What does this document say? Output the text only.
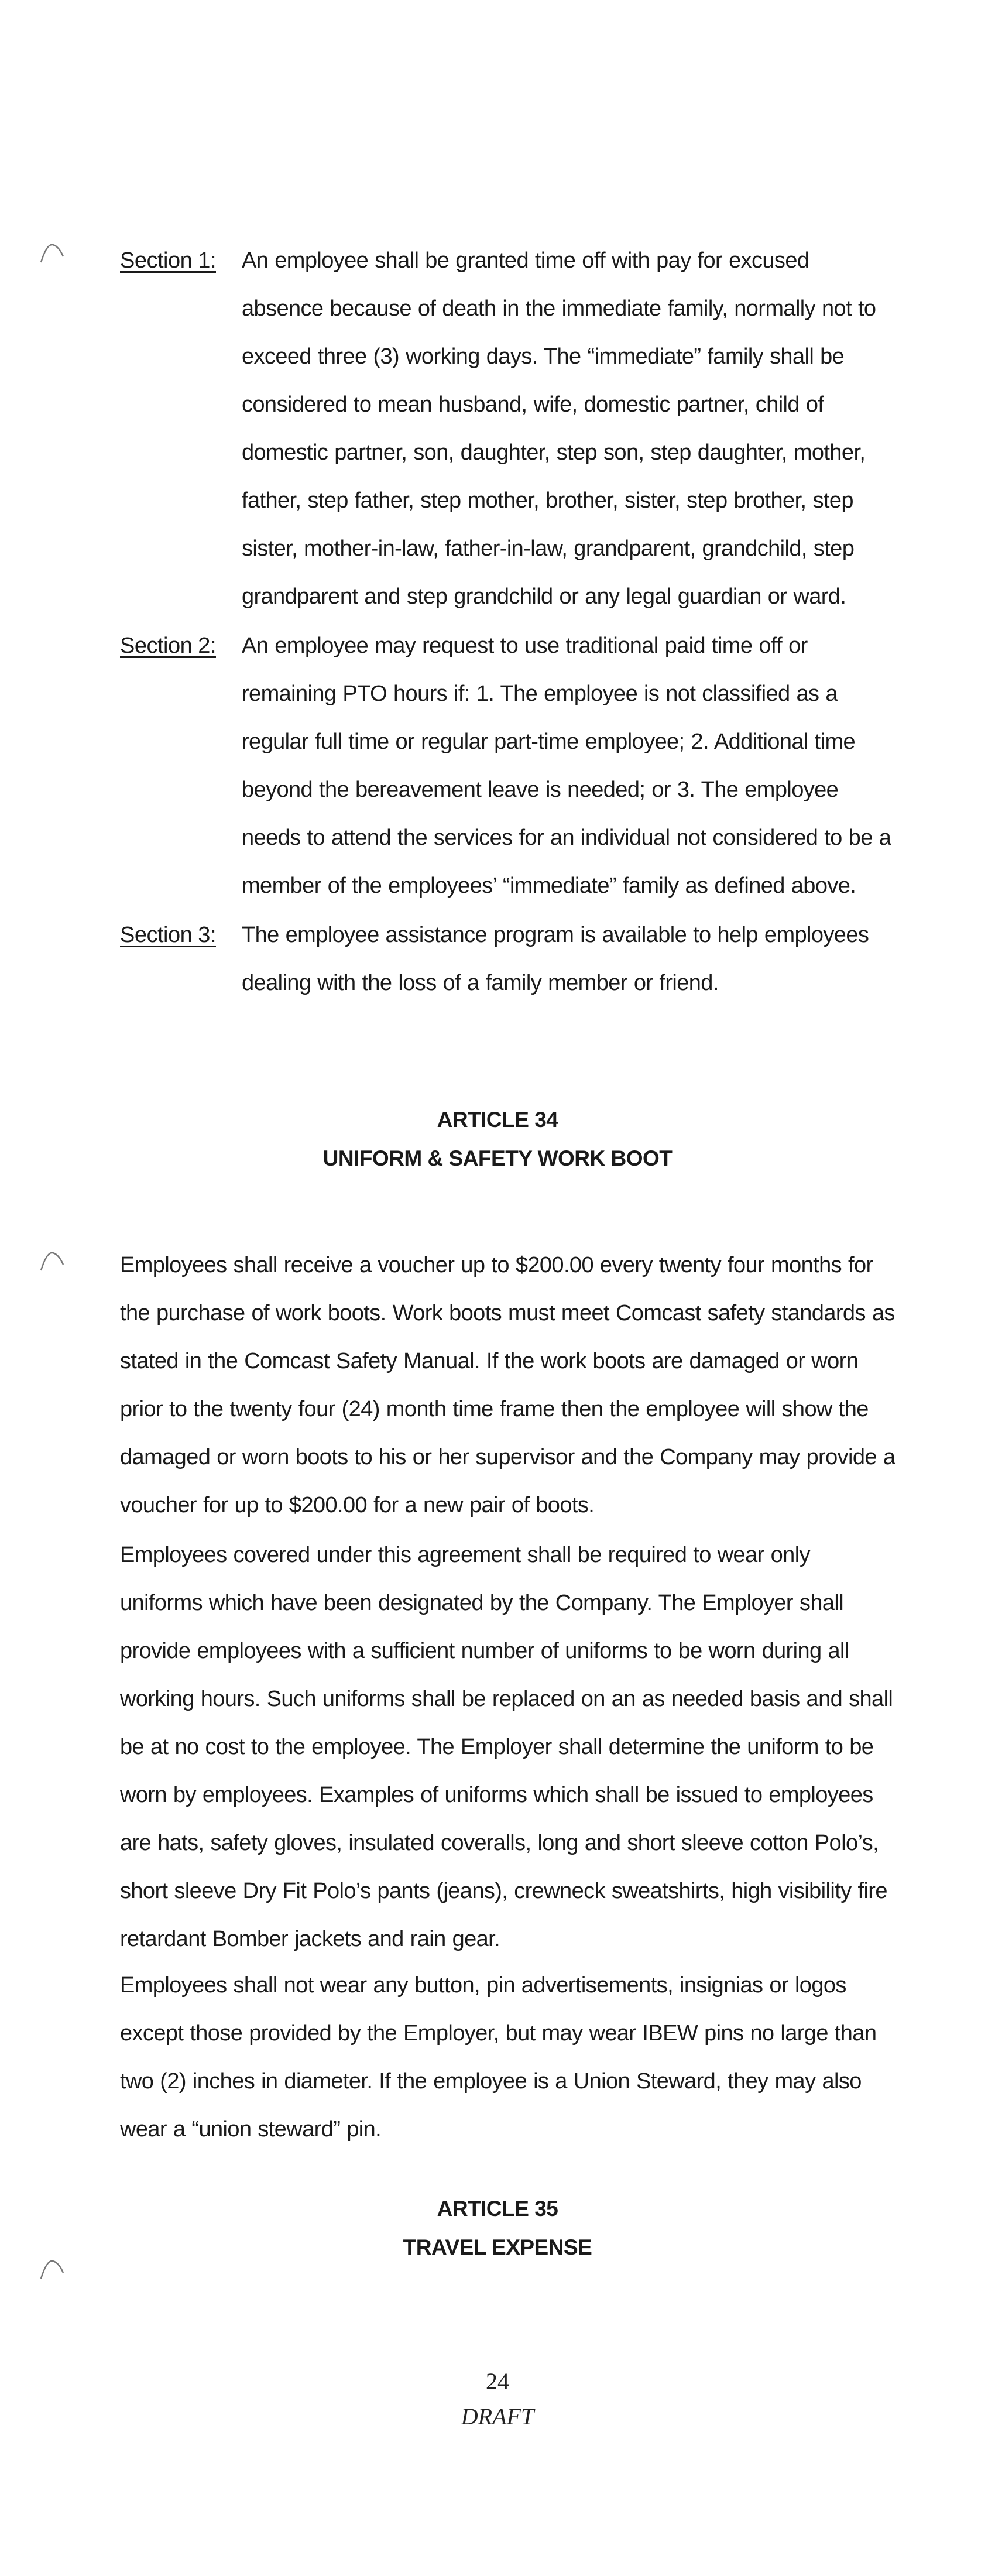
Section 1: An employee shall be granted time off with pay for excused absence because of death in the immediate family, normally not to exceed three (3) working days. The “immediate” family shall be considered to mean husband, wife, domestic partner, child of domestic partner, son, daughter, step son, step daughter, mother, father, step father, step mother, brother, sister, step brother, step sister, mother-in-law, father-in-law, grandparent, grandchild, step grandparent and step grandchild or any legal guardian or ward.
Section 2: An employee may request to use traditional paid time off or remaining PTO hours if: 1. The employee is not classified as a regular full time or regular part-time employee; 2. Additional time beyond the bereavement leave is needed; or 3. The employee needs to attend the services for an individual not considered to be a member of the employees’ “immediate” family as defined above.
Section 3: The employee assistance program is available to help employees dealing with the loss of a family member or friend.
ARTICLE 34
UNIFORM & SAFETY WORK BOOT
Employees shall receive a voucher up to $200.00 every twenty four months for the purchase of work boots. Work boots must meet Comcast safety standards as stated in the Comcast Safety Manual. If the work boots are damaged or worn prior to the twenty four (24) month time frame then the employee will show the damaged or worn boots to his or her supervisor and the Company may provide a voucher for up to $200.00 for a new pair of boots.
Employees covered under this agreement shall be required to wear only uniforms which have been designated by the Company. The Employer shall provide employees with a sufficient number of uniforms to be worn during all working hours. Such uniforms shall be replaced on an as needed basis and shall be at no cost to the employee. The Employer shall determine the uniform to be worn by employees. Examples of uniforms which shall be issued to employees are hats, safety gloves, insulated coveralls, long and short sleeve cotton Polo’s, short sleeve Dry Fit Polo’s pants (jeans), crewneck sweatshirts, high visibility fire retardant Bomber jackets and rain gear.
Employees shall not wear any button, pin advertisements, insignias or logos except those provided by the Employer, but may wear IBEW pins no large than two (2) inches in diameter. If the employee is a Union Steward, they may also wear a “union steward” pin.
ARTICLE 35
TRAVEL EXPENSE
24
DRAFT
